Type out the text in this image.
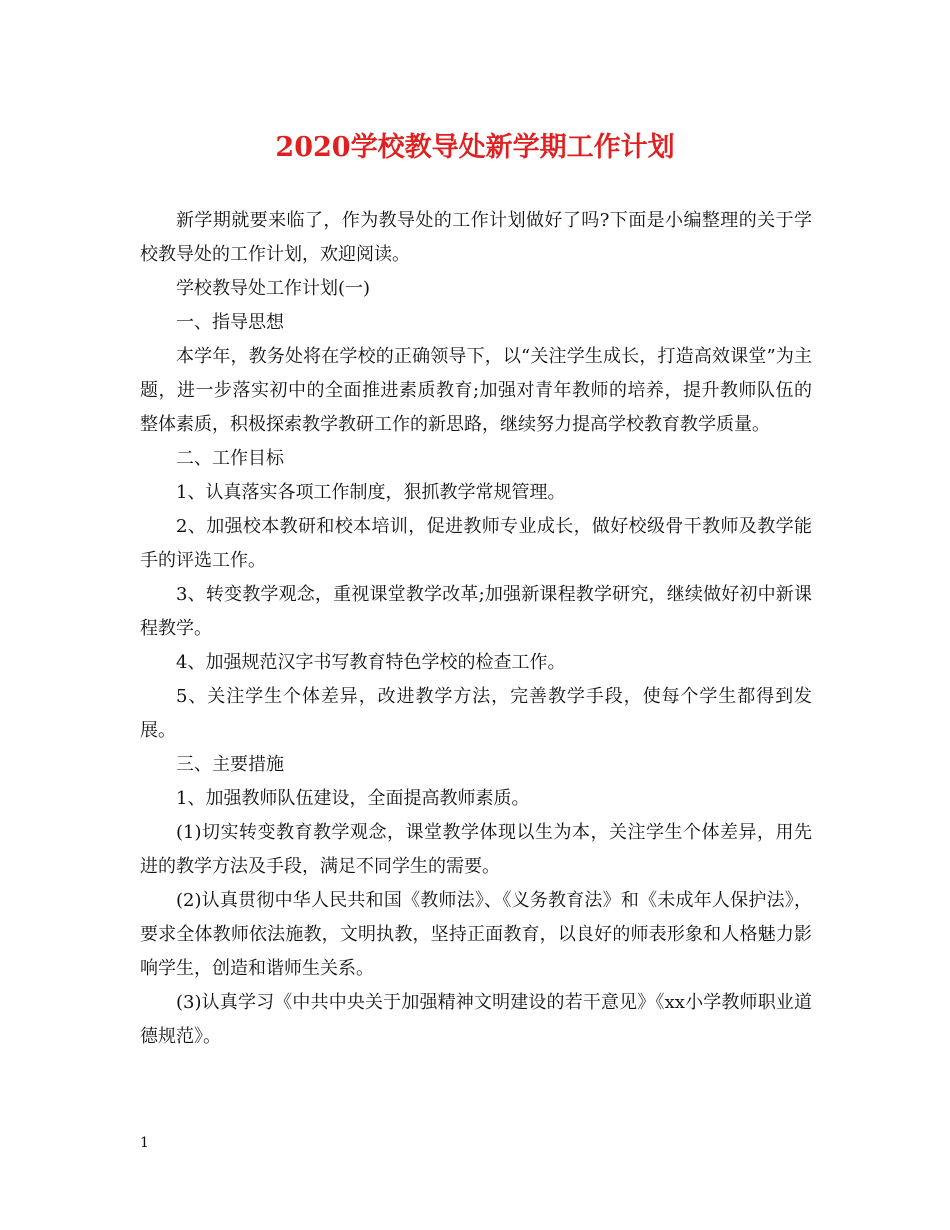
2020学校教导处新学期工作计划

新学期就要来临了，作为教导处的工作计划做好了吗?下面是小编整理的关于学校教导处的工作计划，欢迎阅读。

学校教导处工作计划(一)

一、指导思想

本学年，教务处将在学校的正确领导下，以“关注学生成长，打造高效课堂”为主题，进一步落实初中的全面推进素质教育;加强对青年教师的培养，提升教师队伍的整体素质，积极探索教学教研工作的新思路，继续努力提高学校教育教学质量。

二、工作目标

1、认真落实各项工作制度，狠抓教学常规管理。

2、加强校本教研和校本培训，促进教师专业成长，做好校级骨干教师及教学能手的评选工作。

3、转变教学观念，重视课堂教学改革;加强新课程教学研究，继续做好初中新课程教学。

4、加强规范汉字书写教育特色学校的检查工作。

5、关注学生个体差异，改进教学方法，完善教学手段，使每个学生都得到发展。

三、主要措施

1、加强教师队伍建设，全面提高教师素质。

(1)切实转变教育教学观念，课堂教学体现以生为本，关注学生个体差异，用先进的教学方法及手段，满足不同学生的需要。

(2)认真贯彻中华人民共和国《教师法》、《义务教育法》和《未成年人保护法》，要求全体教师依法施教，文明执教，坚持正面教育，以良好的师表形象和人格魅力影响学生，创造和谐师生关系。

(3)认真学习《中共中央关于加强精神文明建设的若干意见》《xx小学教师职业道德规范》。

1
